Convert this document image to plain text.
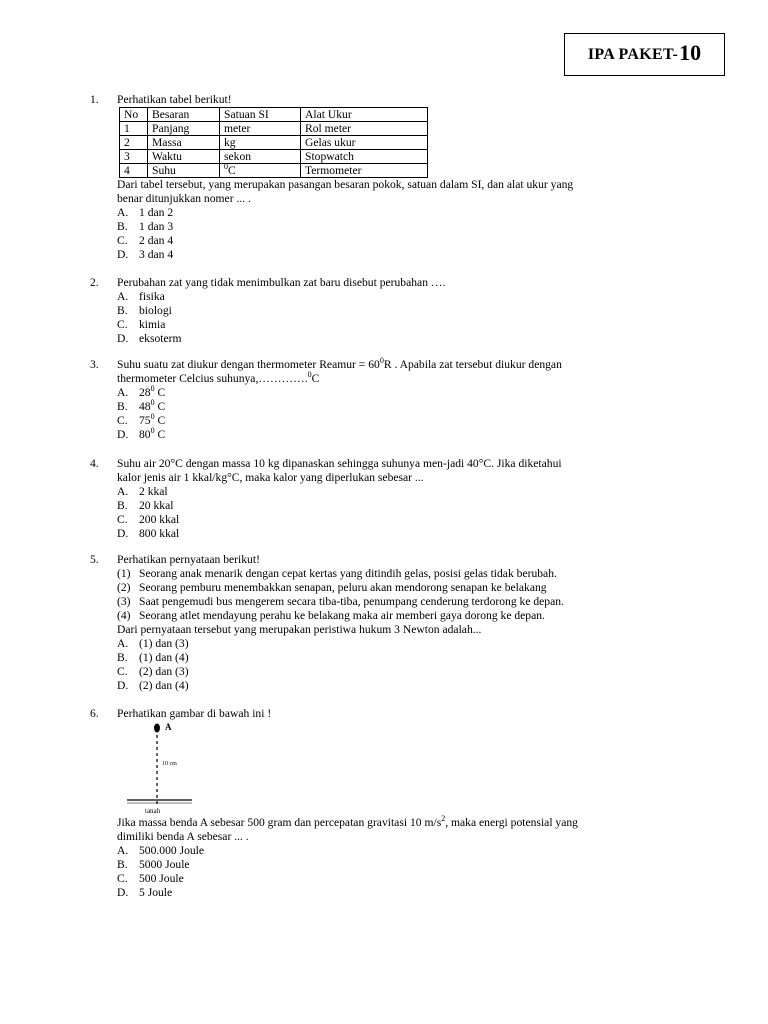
IPA PAKET- 10
1. Perhatikan tabel berikut!
No	Besaran	Satuan SI	Alat Ukur
1	Panjang	meter	Rol meter
2	Massa	kg	Gelas ukur
3	Waktu	sekon	Stopwatch
4	Suhu	$^0$C	Termometer
Dari tabel tersebut, yang merupakan pasangan besaran pokok, satuan dalam SI, dan alat ukur yang
benar ditunjukkan nomer ... .
A. 1 dan 2
B. 1 dan 3
C. 2 dan 4
D. 3 dan 4
2. Perubahan zat yang tidak menimbulkan zat baru disebut perubahan ….
A. fisika
B. biologi
C. kimia
D. eksoterm
3. Suhu suatu zat diukur dengan thermometer Reamur = $60^0R$ . Apabila zat tersebut diukur dengan
thermometer Celcius suhunya,………….$^0$C
A. $28^0$ C
B. $48^0$ C
C. $75^0$ C
D. $80^0$ C
4. Suhu air 20°C dengan massa 10 kg dipanaskan sehingga suhunya men-jadi 40°C. Jika diketahui
kalor jenis air 1 kkal/kg°C, maka kalor yang diperlukan sebesar ...
A. 2 kkal
B. 20 kkal
C. 200 kkal
D. 800 kkal
5. Perhatikan pernyataan berikut!
(1) Seorang anak menarik dengan cepat kertas yang ditindih gelas, posisi gelas tidak berubah.
(2) Seorang pemburu menembakkan senapan, peluru akan mendorong senapan ke belakang
(3) Saat pengemudi bus mengerem secara tiba-tiba, penumpang cenderung terdorong ke depan.
(4) Seorang atlet mendayung perahu ke belakang maka air memberi gaya dorong ke depan.
Dari pernyataan tersebut yang merupakan peristiwa hukum 3 Newton adalah...
A. (1) dan (3)
B. (1) dan (4)
C. (2) dan (3)
D. (2) dan (4)
6. Perhatikan gambar di bawah ini !
A
10 cm
tanah
Jika massa benda A sebesar 500 gram dan percepatan gravitasi 10 $m/s^2$, maka energi potensial yang
dimiliki benda A sebesar ... .
A. 500.000 Joule
B. 5000 Joule
C. 500 Joule
D. 5 Joule
